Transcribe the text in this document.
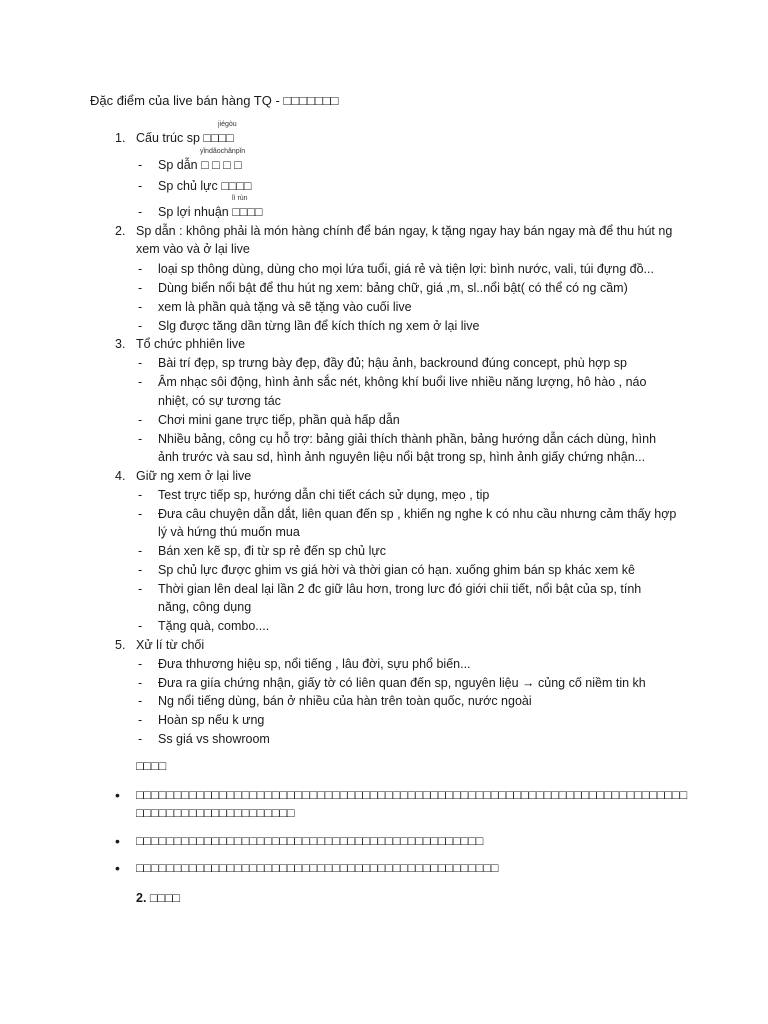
Đặc điểm của live bán hàng TQ - □□□□□□□
jiégòu
1. Cấu trúc sp □□□□
yǐndǎochǎnpǐn
- Sp dẫn □ □ □ □
- Sp chủ lực □□□□
lì rùn
- Sp lợi nhuận □□□□
2. Sp dẫn : không phải là món hàng chính để bán ngay, k tặng ngay hay bán ngay mà để thu hút ng
xem vào và ở lại live
- loại sp thông dùng, dùng cho mọi lứa tuổi, giá rẻ và tiện lợi: bình nước, vali, túi đựng đồ...
- Dùng biển nổi bật để thu hút ng xem: bảng chữ, giá ,m, sl..nổi bật( có thể có ng cầm)
- xem là phần quà tặng và sẽ tặng vào cuối live
- Slg được tăng dần từng lần để kích thích ng xem ở lại live
3. Tổ chức phhiên live
- Bài trí đẹp, sp trưng bày đẹp, đầy đủ; hậu ảnh, backround đúng concept, phù hợp sp
- Âm nhạc sôi động, hình ảnh sắc nét, không khí buổi live nhiều năng lượng, hô hào , náo
nhiệt, có sự tương tác
- Chơi mini gane trực tiếp, phần quà hấp dẫn
- Nhiều bảng, công cụ hỗ trợ: bảng giải thích thành phần, bảng hướng dẫn cách dùng, hình
ảnh trước và sau sd, hình ảnh nguyên liệu nổi bật trong sp, hình ảnh giấy chứng nhận...
4. Giữ ng xem ở lại live
- Test trực tiếp sp, hướng dẫn chi tiết cách sử dụng, mẹo , tip
- Đưa câu chuyện dẫn dắt, liên quan đến sp , khiến ng nghe k có nhu cầu nhưng cảm thấy hợp
lý và hứng thú muốn mua
- Bán xen kẽ sp, đi từ sp rẻ đến sp chủ lực
- Sp chủ lực được ghim vs giá hời và thời gian có hạn. xuống ghim bán sp khác xem kê
- Thời gian lên deal lại lần 2 đc giữ lâu hơn, trong lưc đó giới chii tiết, nổi bật của sp, tính
năng, công dụng
- Tặng quà, combo....
5. Xử lí từ chối
- Đưa thhương hiệu sp, nổi tiếng , lâu đời, sựu phổ biến...
- Đưa ra giía chứng nhận, giấy tờ có liên quan đến sp, nguyên liệu → củng cố niềm tin kh
- Ng nổi tiếng dùng, bán ở nhiều của hàn trên toàn quốc, nước ngoài
- Hoàn sp nếu k ưng
- Ss giá vs showroom
□□□□
• □□□□□□□□□□□□□□□□□□□□□□□□□□□□□□□□□□□□□□□□□□□□□□□□□□□□□□□□□□□□□□□□□□□□□□□□□
□□□□□□□□□□□□□□□□□□□□□
• □□□□□□□□□□□□□□□□□□□□□□□□□□□□□□□□□□□□□□□□□□□□□□
• □□□□□□□□□□□□□□□□□□□□□□□□□□□□□□□□□□□□□□□□□□□□□□□□
2. □□□□
